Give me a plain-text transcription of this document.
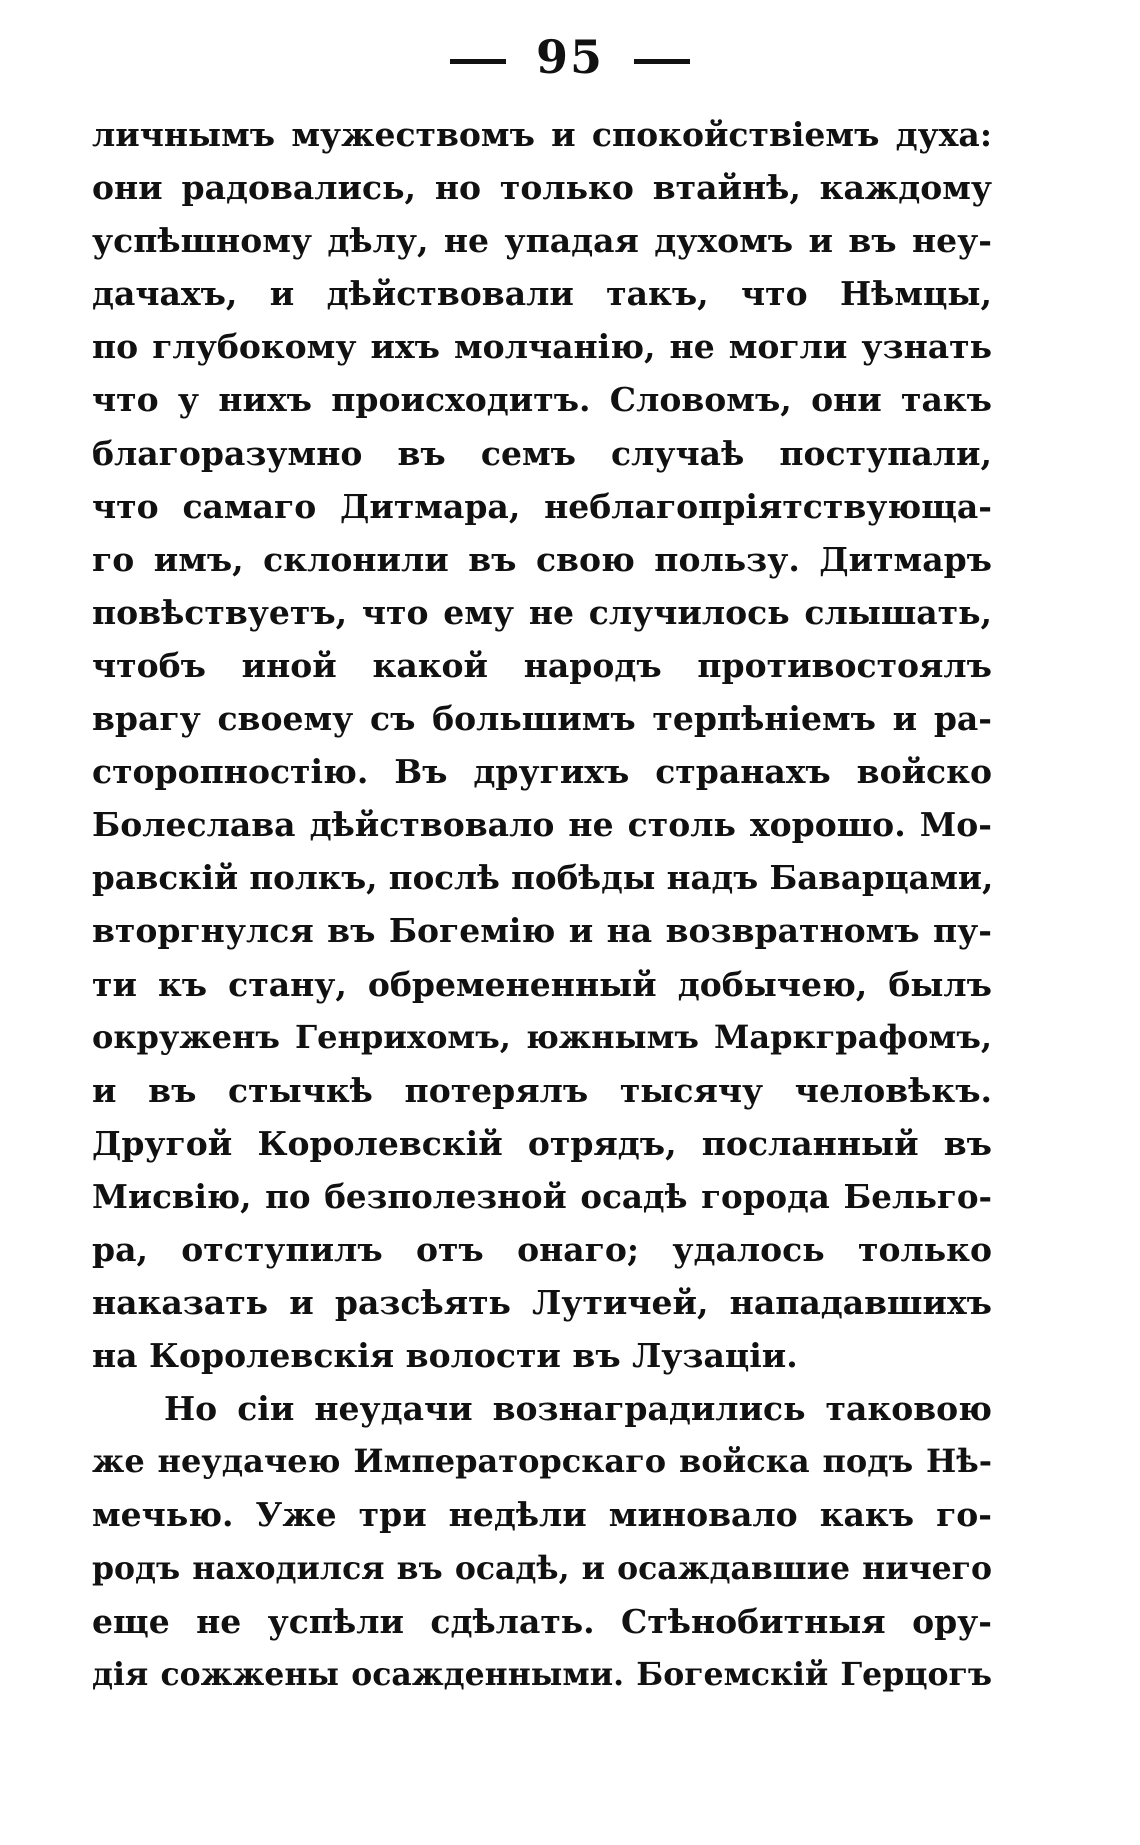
95
личнымъ мужествомъ и спокойствіемъ духа:
они радовались, но только втайнѣ, каждому
успѣшному дѣлу, не упадая духомъ и въ неу-
дачахъ, и дѣйствовали такъ, что Нѣмцы,
по глубокому ихъ молчанію, не могли узнать
что у нихъ происходитъ. Словомъ, они такъ
благоразумно въ семъ случаѣ поступали,
что самаго Дитмара, неблагопріятствующа-
го имъ, склонили въ свою пользу. Дитмаръ
повѣствуетъ, что ему не случилось слышать,
чтобъ иной какой народъ противостоялъ
врагу своему съ большимъ терпѣніемъ и ра-
сторопностію. Въ другихъ странахъ войско
Болеслава дѣйствовало не столь хорошо. Мо-
равскій полкъ, послѣ побѣды надъ Баварцами,
вторгнулся въ Богемію и на возвратномъ пу-
ти къ стану, обремененный добычею, былъ
окруженъ Генрихомъ, южнымъ Маркграфомъ,
и въ стычкѣ потерялъ тысячу человѣкъ.
Другой Королевскій отрядъ, посланный въ
Мисвію, по безполезной осадѣ города Бельго-
ра, отступилъ отъ онаго; удалось только
наказать и разсѣять Лутичей, нападавшихъ
на Королевскія волости въ Лузаціи.
Но сіи неудачи вознаградились таковою
же неудачею Императорскаго войска подъ Нѣ-
мечью. Уже три недѣли миновало какъ го-
родъ находился въ осадѣ, и осаждавшие ничего
еще не успѣли сдѣлать. Стѣнобитныя ору-
дія сожжены осажденными. Богемскій Герцогъ
